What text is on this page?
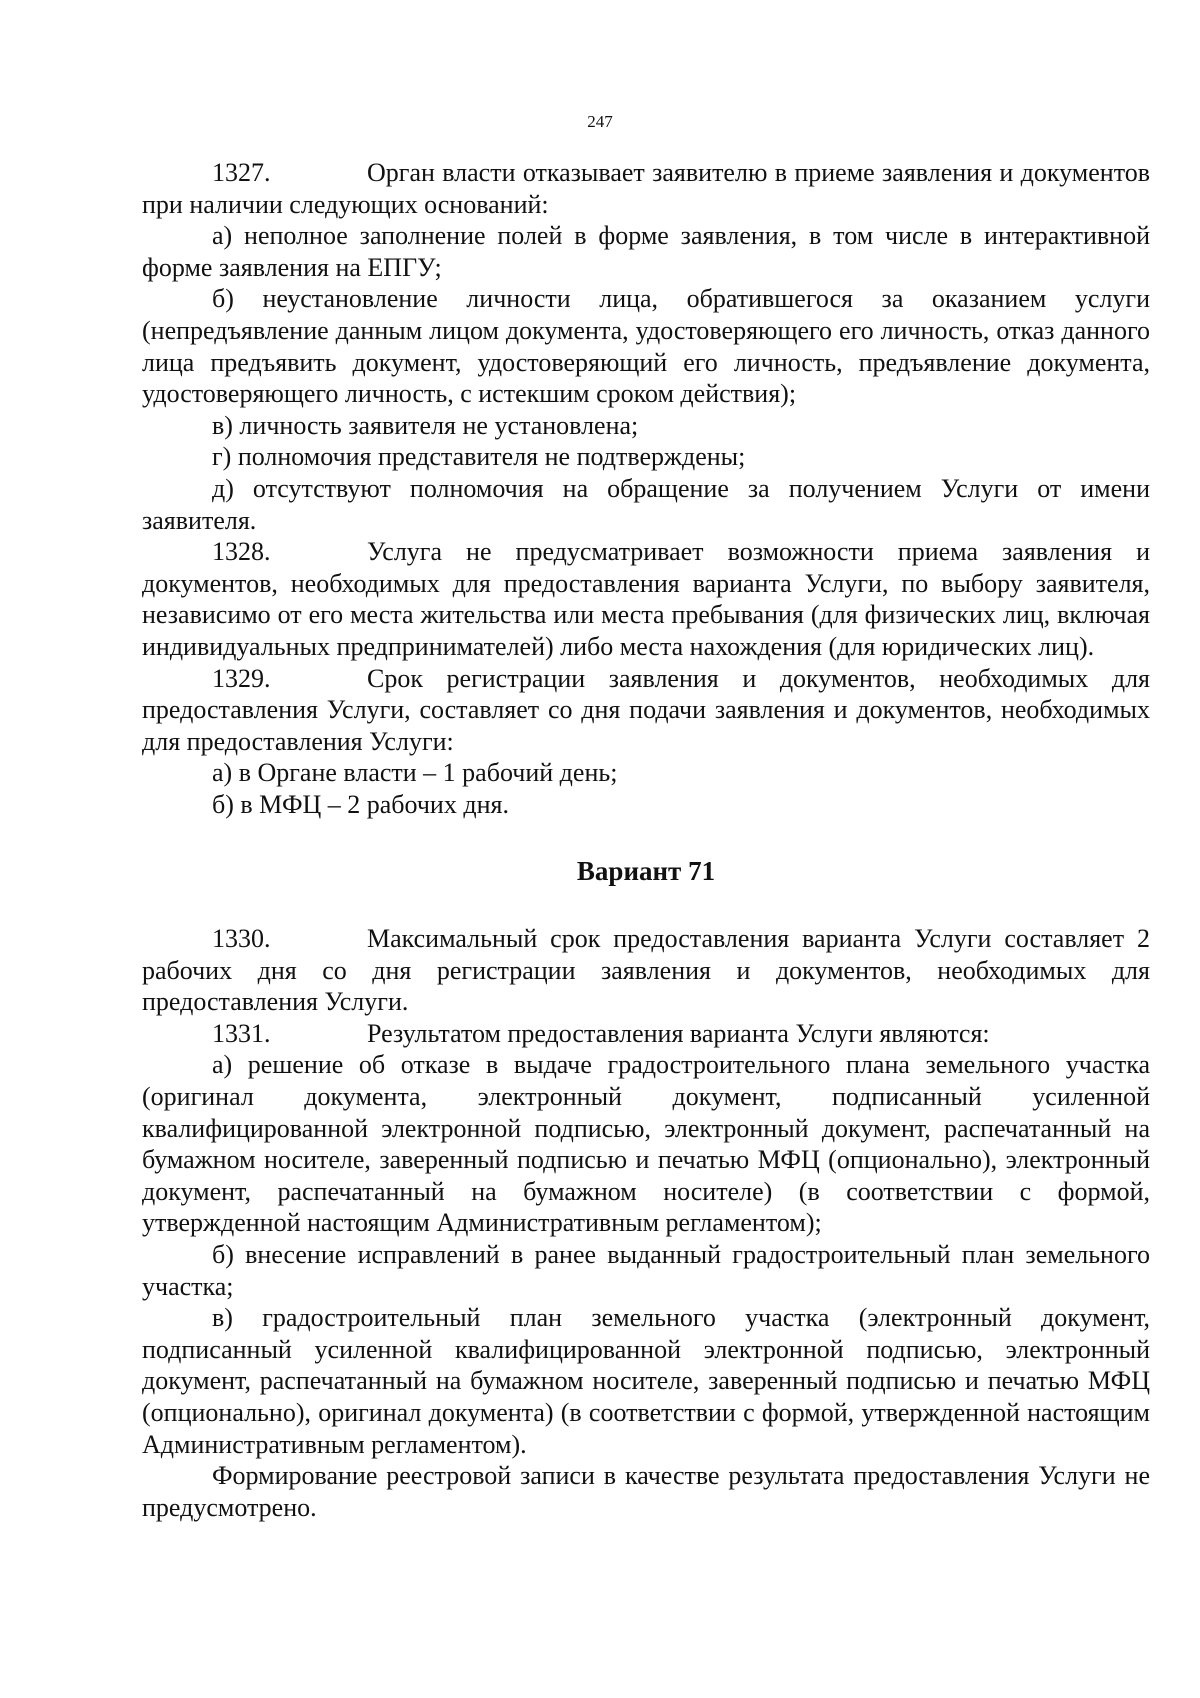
247

1327.	Орган власти отказывает заявителю в приеме заявления и документов при наличии следующих оснований:

а) неполное заполнение полей в форме заявления, в том числе в интерактивной форме заявления на ЕПГУ;

б) неустановление личности лица, обратившегося за оказанием услуги (непредъявление данным лицом документа, удостоверяющего его личность, отказ данного лица предъявить документ, удостоверяющий его личность, предъявление документа, удостоверяющего личность, с истекшим сроком действия);

в) личность заявителя не установлена;

г) полномочия представителя не подтверждены;

д) отсутствуют полномочия на обращение за получением Услуги от имени заявителя.

1328.	Услуга не предусматривает возможности приема заявления и документов, необходимых для предоставления варианта Услуги, по выбору заявителя, независимо от его места жительства или места пребывания (для физических лиц, включая индивидуальных предпринимателей) либо места нахождения (для юридических лиц).

1329.	Срок регистрации заявления и документов, необходимых для предоставления Услуги, составляет со дня подачи заявления и документов, необходимых для предоставления Услуги:

а) в Органе власти – 1 рабочий день;

б) в МФЦ – 2 рабочих дня.

Вариант 71

1330.	Максимальный срок предоставления варианта Услуги составляет 2 рабочих дня со дня регистрации заявления и документов, необходимых для предоставления Услуги.

1331.	Результатом предоставления варианта Услуги являются:

а) решение об отказе в выдаче градостроительного плана земельного участка (оригинал документа, электронный документ, подписанный усиленной квалифицированной электронной подписью, электронный документ, распечатанный на бумажном носителе, заверенный подписью и печатью МФЦ (опционально), электронный документ, распечатанный на бумажном носителе) (в соответствии с формой, утвержденной настоящим Административным регламентом);

б) внесение исправлений в ранее выданный градостроительный план земельного участка;

в) градостроительный план земельного участка (электронный документ, подписанный усиленной квалифицированной электронной подписью, электронный документ, распечатанный на бумажном носителе, заверенный подписью и печатью МФЦ (опционально), оригинал документа) (в соответствии с формой, утвержденной настоящим Административным регламентом).

Формирование реестровой записи в качестве результата предоставления Услуги не предусмотрено.
